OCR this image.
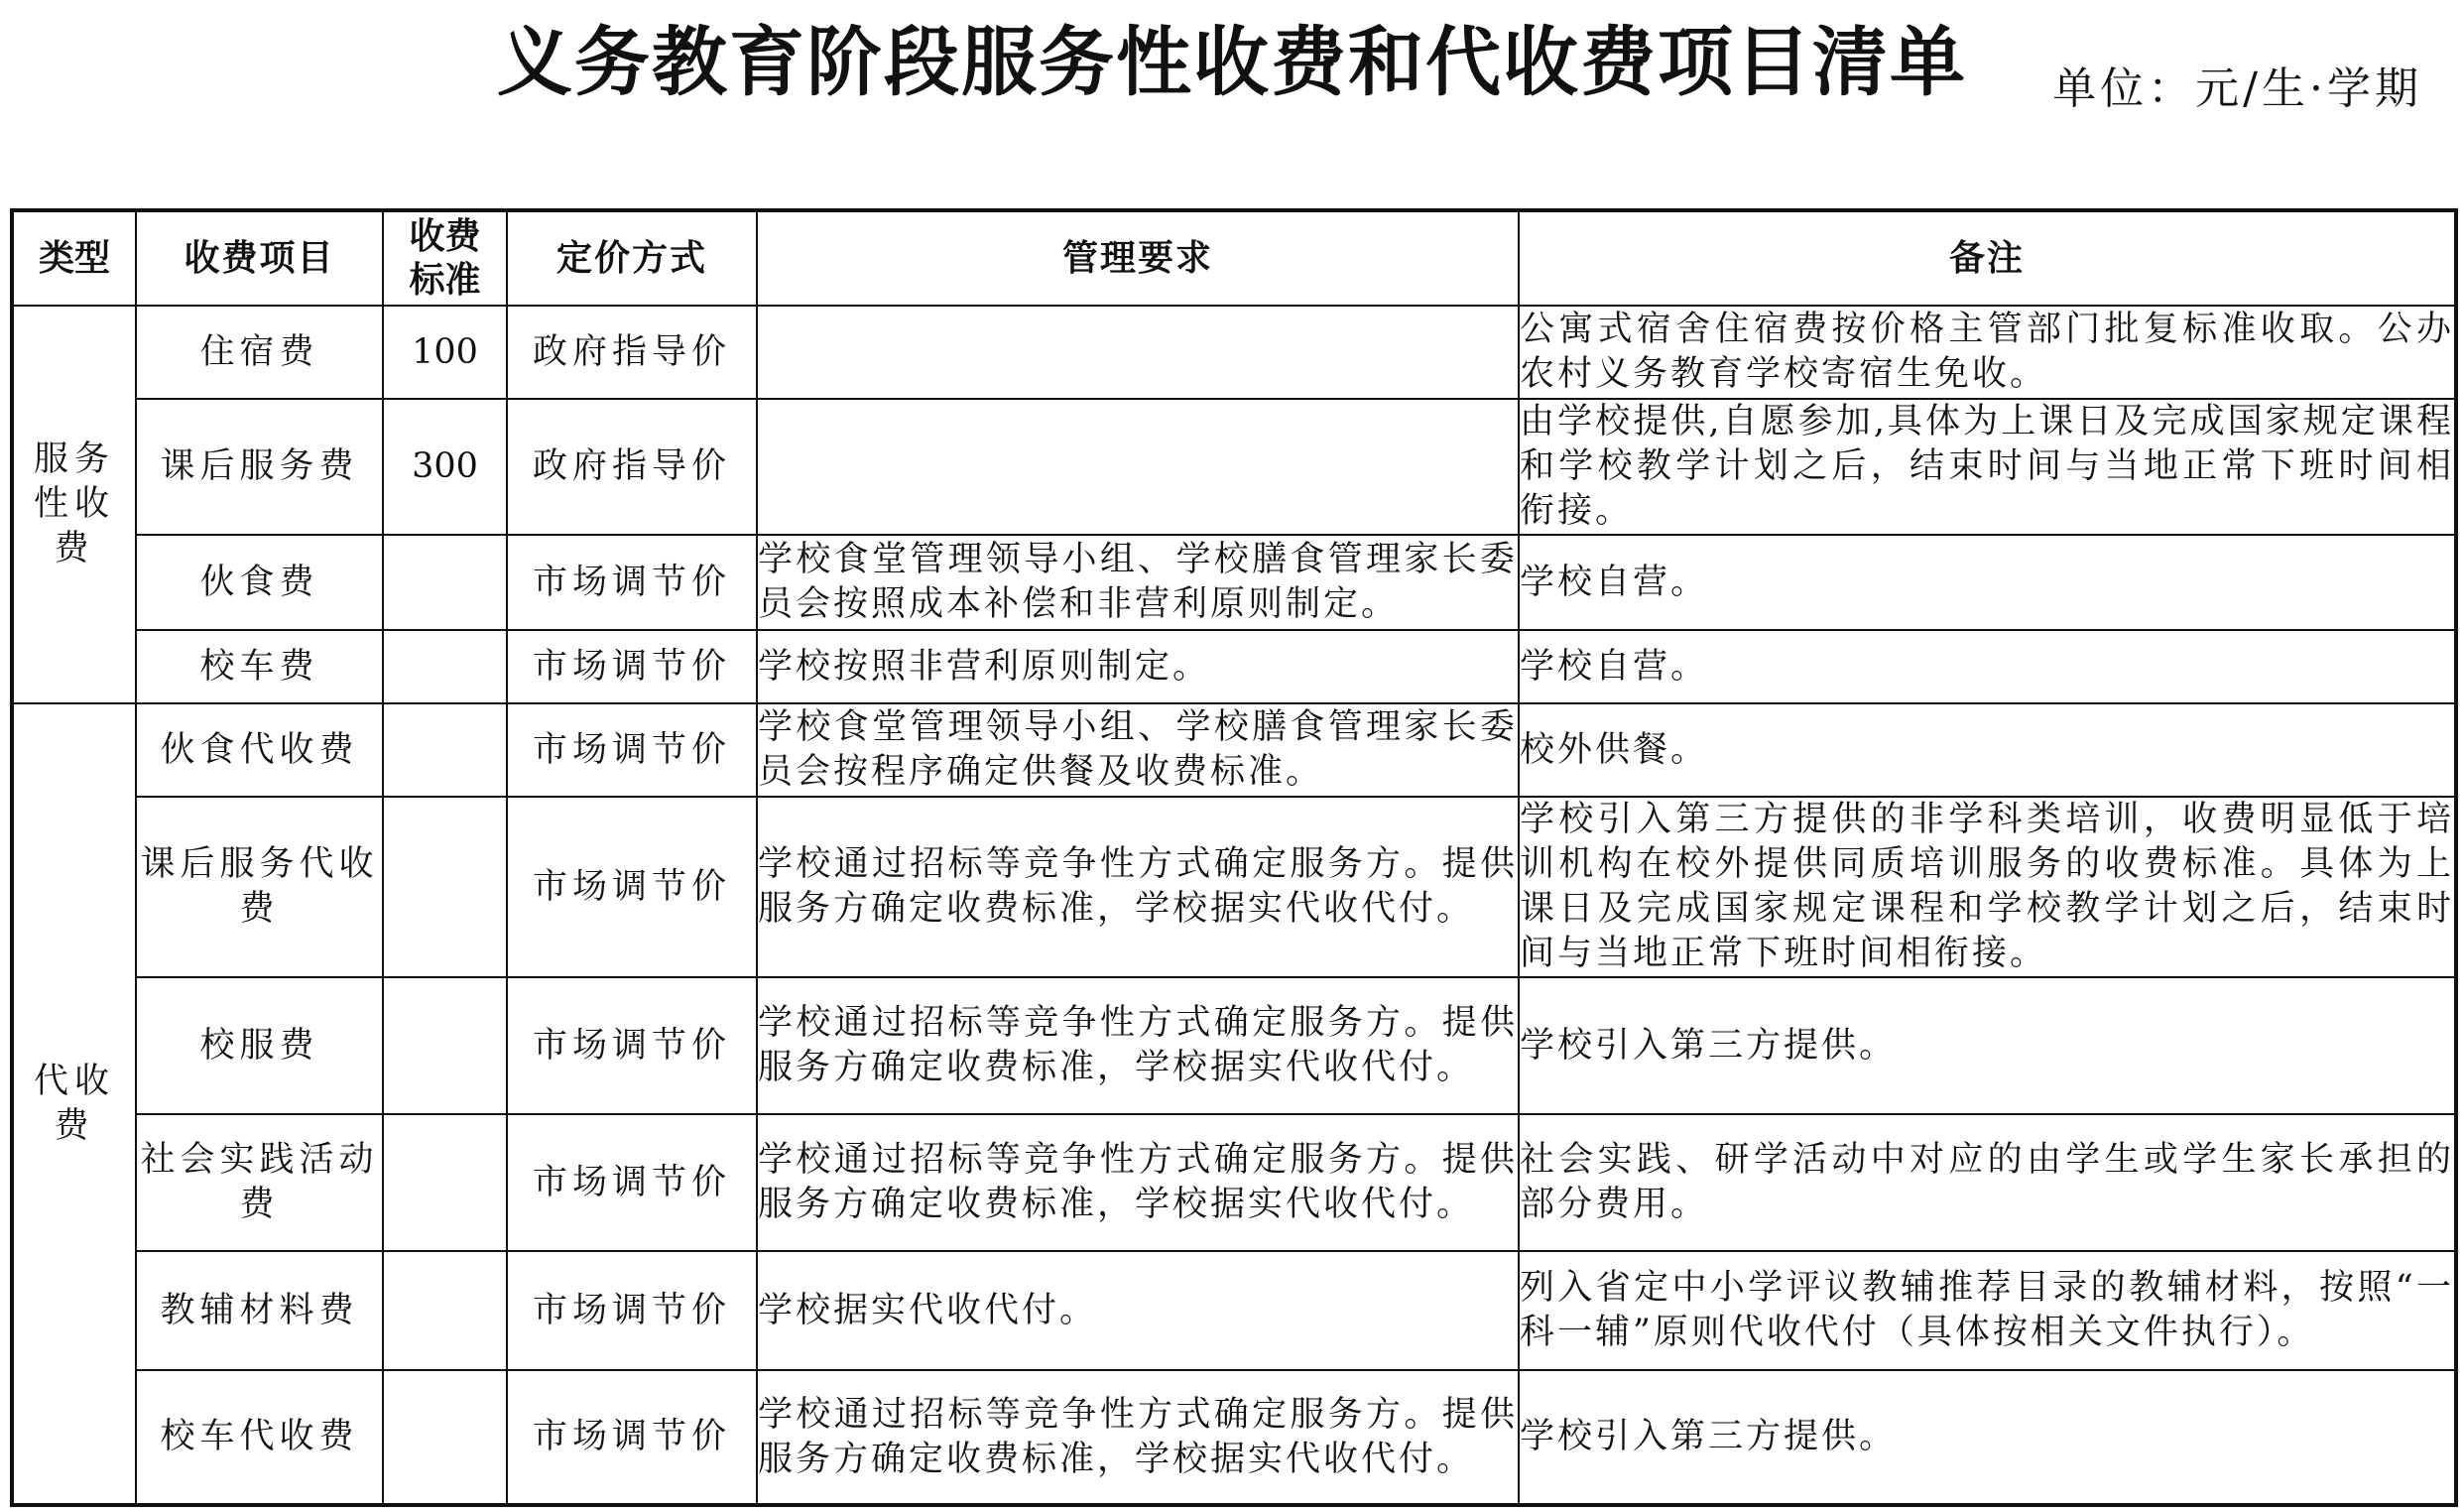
义务教育阶段服务性收费和代收费项目清单	单位：元/生·学期
类型	收费项目	收费标准	定价方式	管理要求	备注
服务性收费	住宿费	100	政府指导价		公寓式宿舍住宿费按价格主管部门批复标准收取。公办农村义务教育学校寄宿生免收。
	课后服务费	300	政府指导价		由学校提供,自愿参加,具体为上课日及完成国家规定课程和学校教学计划之后，结束时间与当地正常下班时间相衔接。
	伙食费		市场调节价	学校食堂管理领导小组、学校膳食管理家长委员会按照成本补偿和非营利原则制定。	学校自营。
	校车费		市场调节价	学校按照非营利原则制定。	学校自营。
代收费	伙食代收费		市场调节价	学校食堂管理领导小组、学校膳食管理家长委员会按程序确定供餐及收费标准。	校外供餐。
	课后服务代收费		市场调节价	学校通过招标等竞争性方式确定服务方。提供服务方确定收费标准，学校据实代收代付。	学校引入第三方提供的非学科类培训，收费明显低于培训机构在校外提供同质培训服务的收费标准。具体为上课日及完成国家规定课程和学校教学计划之后，结束时间与当地正常下班时间相衔接。
	校服费		市场调节价	学校通过招标等竞争性方式确定服务方。提供服务方确定收费标准，学校据实代收代付。	学校引入第三方提供。
	社会实践活动费		市场调节价	学校通过招标等竞争性方式确定服务方。提供服务方确定收费标准，学校据实代收代付。	社会实践、研学活动中对应的由学生或学生家长承担的部分费用。
	教辅材料费		市场调节价	学校据实代收代付。	列入省定中小学评议教辅推荐目录的教辅材料，按照“一科一辅”原则代收代付（具体按相关文件执行）。
	校车代收费		市场调节价	学校通过招标等竞争性方式确定服务方。提供服务方确定收费标准，学校据实代收代付。	学校引入第三方提供。
